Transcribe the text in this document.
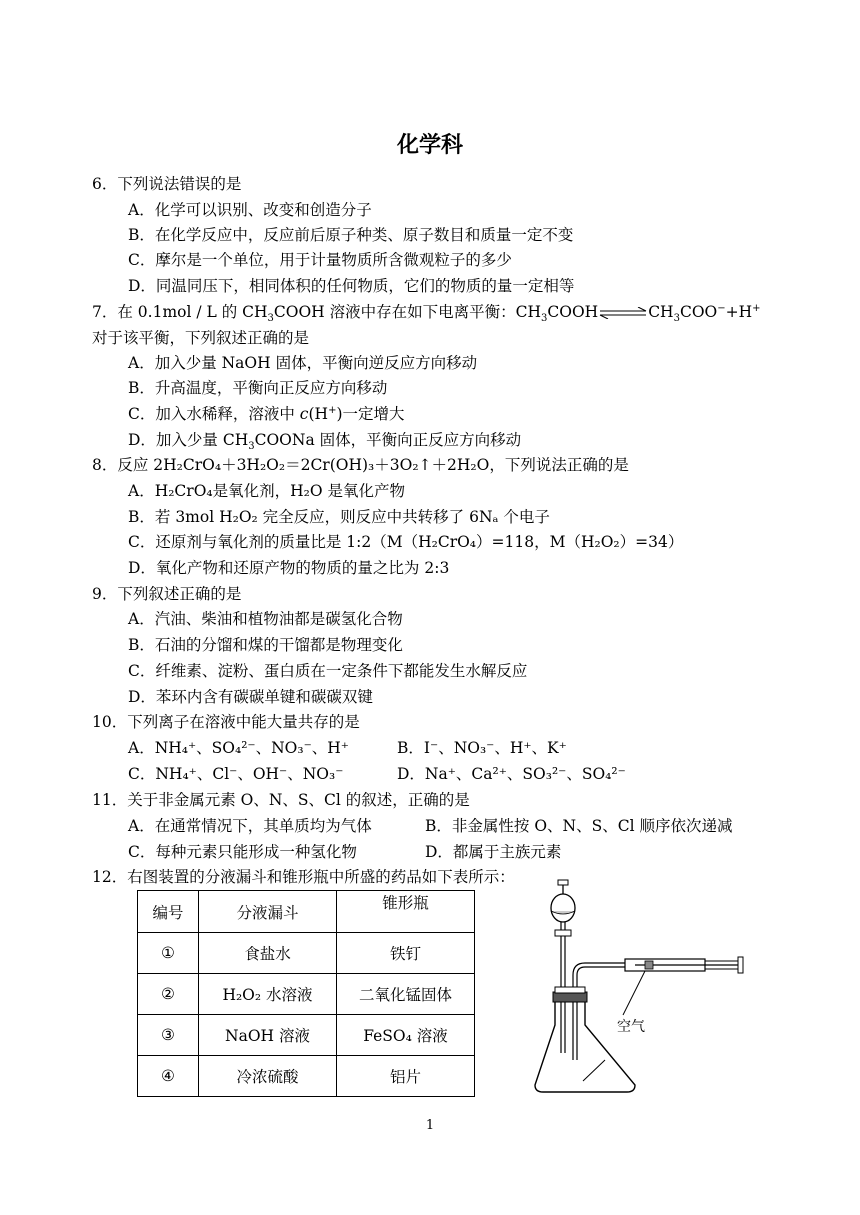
化学科
6．下列说法错误的是
A．化学可以识别、改变和创造分子
B．在化学反应中，反应前后原子种类、原子数目和质量一定不变
C．摩尔是一个单位，用于计量物质所含微观粒子的多少
D．同温同压下，相同体积的任何物质，它们的物质的量一定相等
7．在 0.1mol / L 的 $CH_3COOH$ 溶液中存在如下电离平衡：$CH_3COOH\rightleftharpoons CH_3COO^-+H^+$
对于该平衡，下列叙述正确的是
A．加入少量 NaOH 固体，平衡向逆反应方向移动
B．升高温度，平衡向正反应方向移动
C．加入水稀释，溶液中 c(H+)一定增大
D．加入少量 $CH_3COONa$ 固体，平衡向正反应方向移动
8．反应 2H₂CrO₄＋3H₂O₂＝2Cr(OH)₃＋3O₂↑＋2H₂O，下列说法正确的是
A．H₂CrO₄是氧化剂，H₂O 是氧化产物
B．若 3mol H₂O₂ 完全反应，则反应中共转移了 6Nₐ 个电子
C．还原剂与氧化剂的质量比是 1:2（M（H₂CrO₄）=118，M（H₂O₂）=34）
D．氧化产物和还原产物的物质的量之比为 2:3
9．下列叙述正确的是
A．汽油、柴油和植物油都是碳氢化合物
B．石油的分馏和煤的干馏都是物理变化
C．纤维素、淀粉、蛋白质在一定条件下都能发生水解反应
D．苯环内含有碳碳单键和碳碳双键
10．下列离子在溶液中能大量共存的是
A．NH₄⁺、SO₄²⁻、NO₃⁻、H⁺	B．I⁻、NO₃⁻、H⁺、K⁺
C．NH₄⁺、Cl⁻、OH⁻、NO₃⁻	D．Na⁺、Ca²⁺、SO₃²⁻、SO₄²⁻
11．关于非金属元素 O、N、S、Cl 的叙述，正确的是
A．在通常情况下，其单质均为气体	B．非金属性按 O、N、S、Cl 顺序依次递减
C．每种元素只能形成一种氢化物	D．都属于主族元素
12．右图装置的分液漏斗和锥形瓶中所盛的药品如下表所示：
编号	分液漏斗	锥形瓶
①	食盐水	铁钉
②	H₂O₂ 水溶液	二氧化锰固体
③	NaOH 溶液	FeSO₄ 溶液
④	冷浓硫酸	铝片
空气
1
